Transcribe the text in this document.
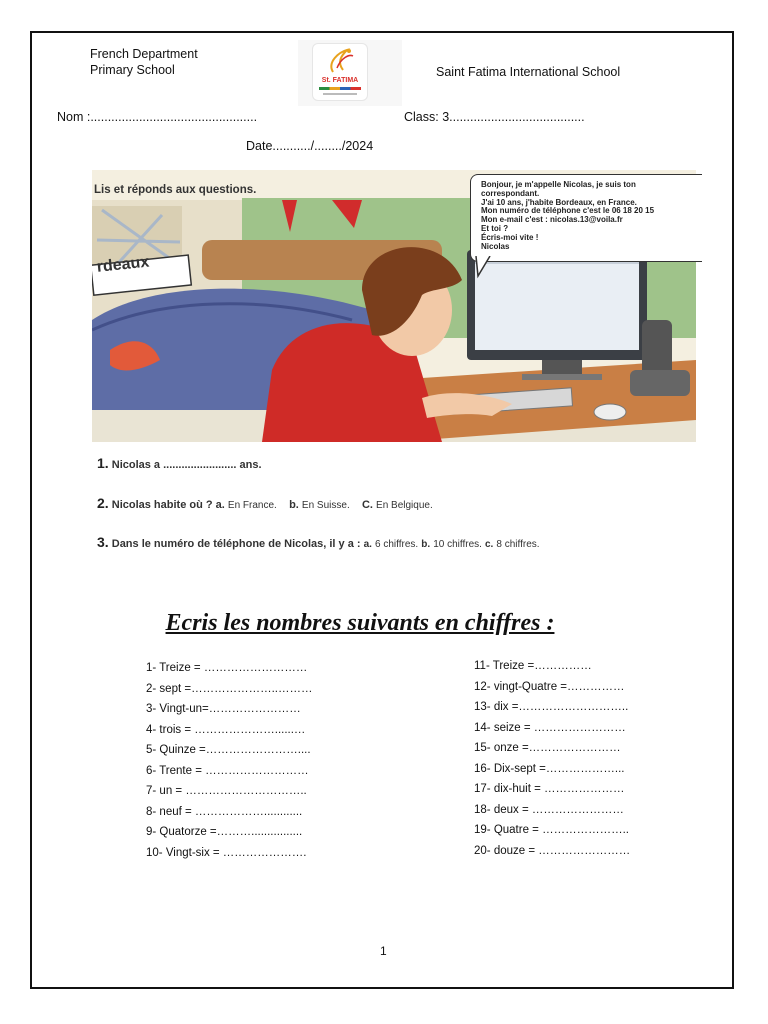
French Department
Primary School
St. FATIMA
Saint Fatima International School
Nom :................................................	Class: 3.......................................
Date.........../......../2024
Lis et réponds aux questions.
rdeaux
Bonjour, je m'appelle Nicolas, je suis ton
correspondant.
J'ai 10 ans, j'habite Bordeaux, en France.
Mon numéro de téléphone c'est le 06 18 20 15
Mon e-mail c'est : nicolas.13@voila.fr
Et toi ?
Écris-moi vite !
Nicolas
1. Nicolas a ........................ ans.
2. Nicolas habite où ? a. En France. b. En Suisse. C. En Belgique.
3. Dans le numéro de téléphone de Nicolas, il y a : a. 6 chiffres. b. 10 chiffres. c. 8 chiffres.
Ecris les nombres suivants en chiffres :
1- Treize = ………………………
2- sept =…………………..………
3- Vingt-un=……………………
4- trois = …………………......…
5- Quinze =……………………....
6- Trente = ………………………
7- un = …………………………..
8- neuf = ………………............
9- Quatorze =………................
10- Vingt-six = ………………….
11- Treize =……………
12- vingt-Quatre =……………
13- dix =………………………..
14- seize = ……………………
15- onze =……………………
16- Dix-sept =………………...
17- dix-huit = …………………
18- deux = ……………………
19- Quatre = …………………..
20- douze = ……………………
1
